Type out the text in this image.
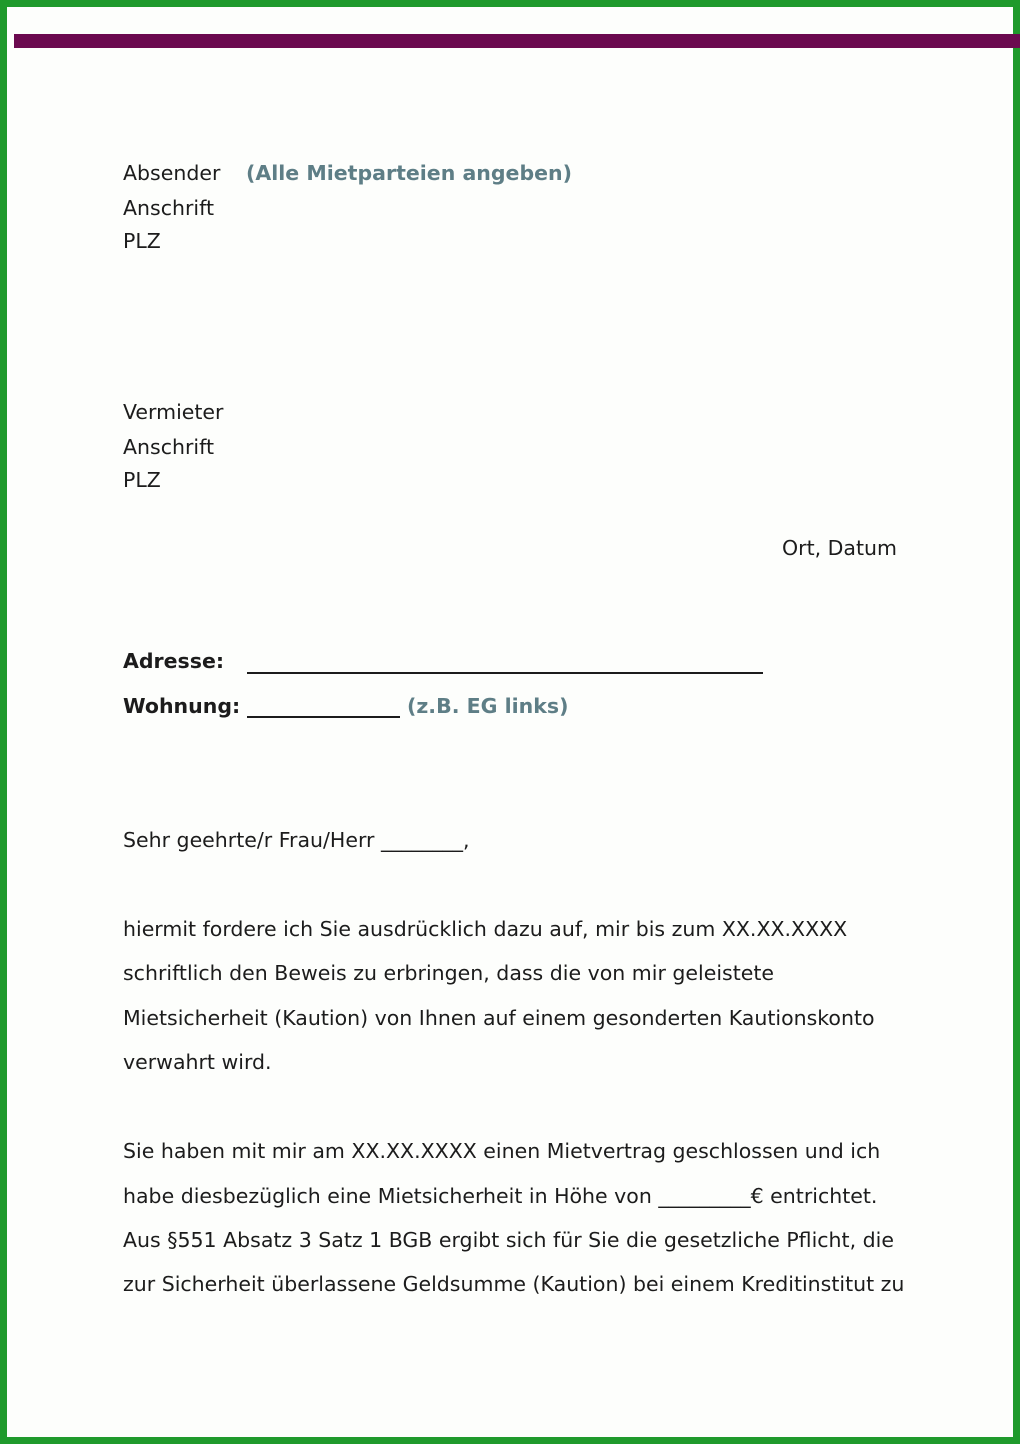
Absender (Alle Mietparteien angeben)
Anschrift
PLZ
Vermieter
Anschrift
PLZ
Ort, Datum
Adresse:
Wohnung:	(z.B. EG links)
Sehr geehrte/r Frau/Herr ________,
hiermit fordere ich Sie ausdrücklich dazu auf, mir bis zum XX.XX.XXXX
schriftlich den Beweis zu erbringen, dass die von mir geleistete
Mietsicherheit (Kaution) von Ihnen auf einem gesonderten Kautionskonto
verwahrt wird.
Sie haben mit mir am XX.XX.XXXX einen Mietvertrag geschlossen und ich
habe diesbezüglich eine Mietsicherheit in Höhe von _________€ entrichtet.
Aus §551 Absatz 3 Satz 1 BGB ergibt sich für Sie die gesetzliche Pflicht, die
zur Sicherheit überlassene Geldsumme (Kaution) bei einem Kreditinstitut zu
